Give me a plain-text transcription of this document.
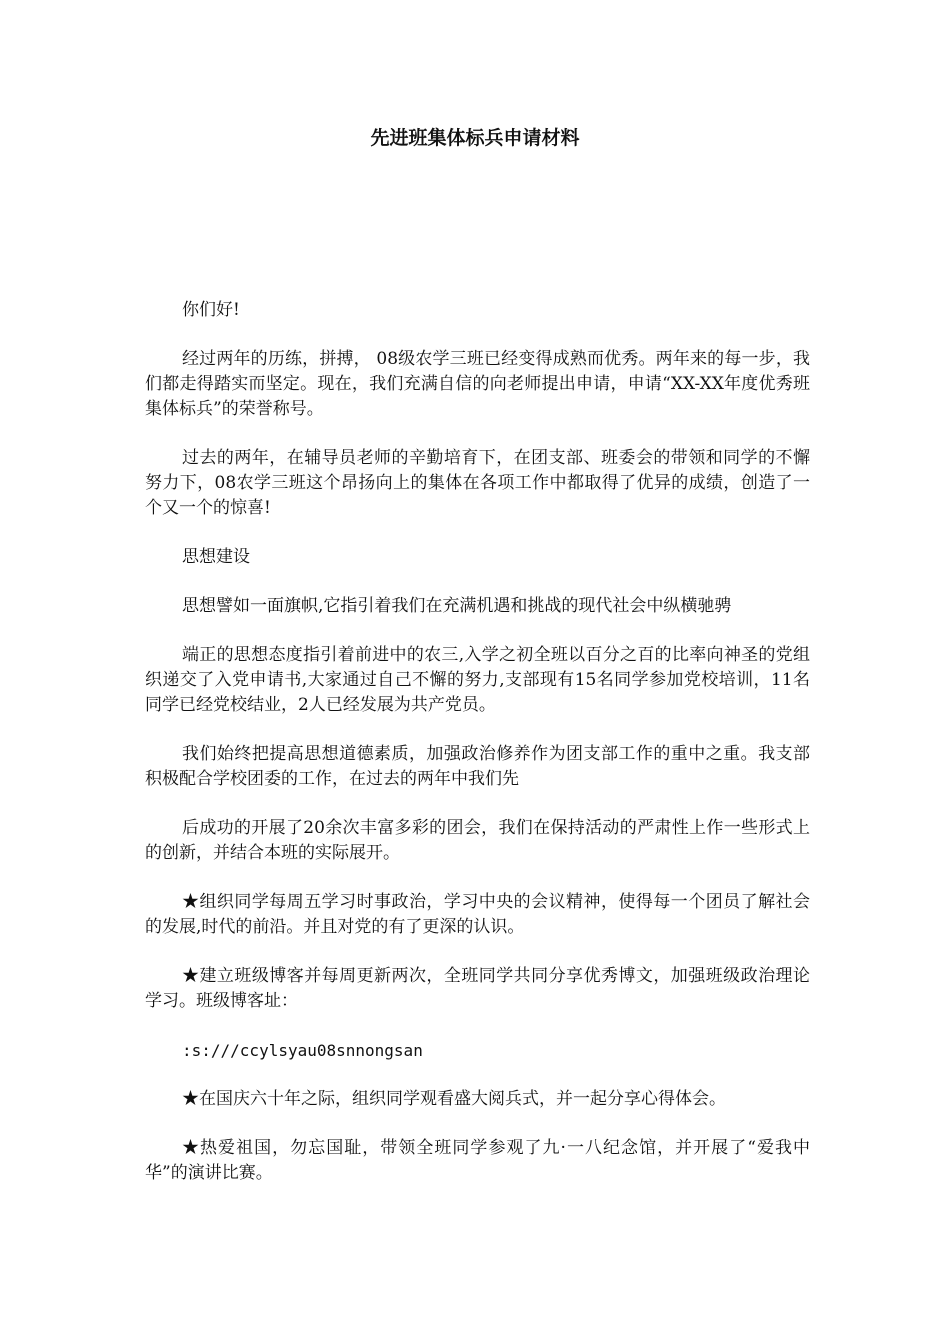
先进班集体标兵申请材料

你们好!

经过两年的历练，拼搏， 08级农学三班已经变得成熟而优秀。两年来的每一步，我们都走得踏实而坚定。现在，我们充满自信的向老师提出申请，申请“XX-XX年度优秀班集体标兵”的荣誉称号。

过去的两年，在辅导员老师的辛勤培育下，在团支部、班委会的带领和同学的不懈努力下，08农学三班这个昂扬向上的集体在各项工作中都取得了优异的成绩，创造了一个又一个的惊喜!

思想建设

思想譬如一面旗帜,它指引着我们在充满机遇和挑战的现代社会中纵横驰骋

端正的思想态度指引着前进中的农三,入学之初全班以百分之百的比率向神圣的党组织递交了入党申请书,大家通过自己不懈的努力,支部现有15名同学参加党校培训，11名同学已经党校结业，2人已经发展为共产党员。

我们始终把提高思想道德素质，加强政治修养作为团支部工作的重中之重。我支部积极配合学校团委的工作，在过去的两年中我们先

后成功的开展了20余次丰富多彩的团会，我们在保持活动的严肃性上作一些形式上的创新，并结合本班的实际展开。

★组织同学每周五学习时事政治，学习中央的会议精神，使得每一个团员了解社会的发展,时代的前沿。并且对党的有了更深的认识。

★建立班级博客并每周更新两次，全班同学共同分享优秀博文，加强班级政治理论学习。班级博客址：

:s:///ccylsyau08snnongsan

★在国庆六十年之际，组织同学观看盛大阅兵式，并一起分享心得体会。

★热爱祖国，勿忘国耻，带领全班同学参观了九·一八纪念馆，并开展了“爱我中华”的演讲比赛。
